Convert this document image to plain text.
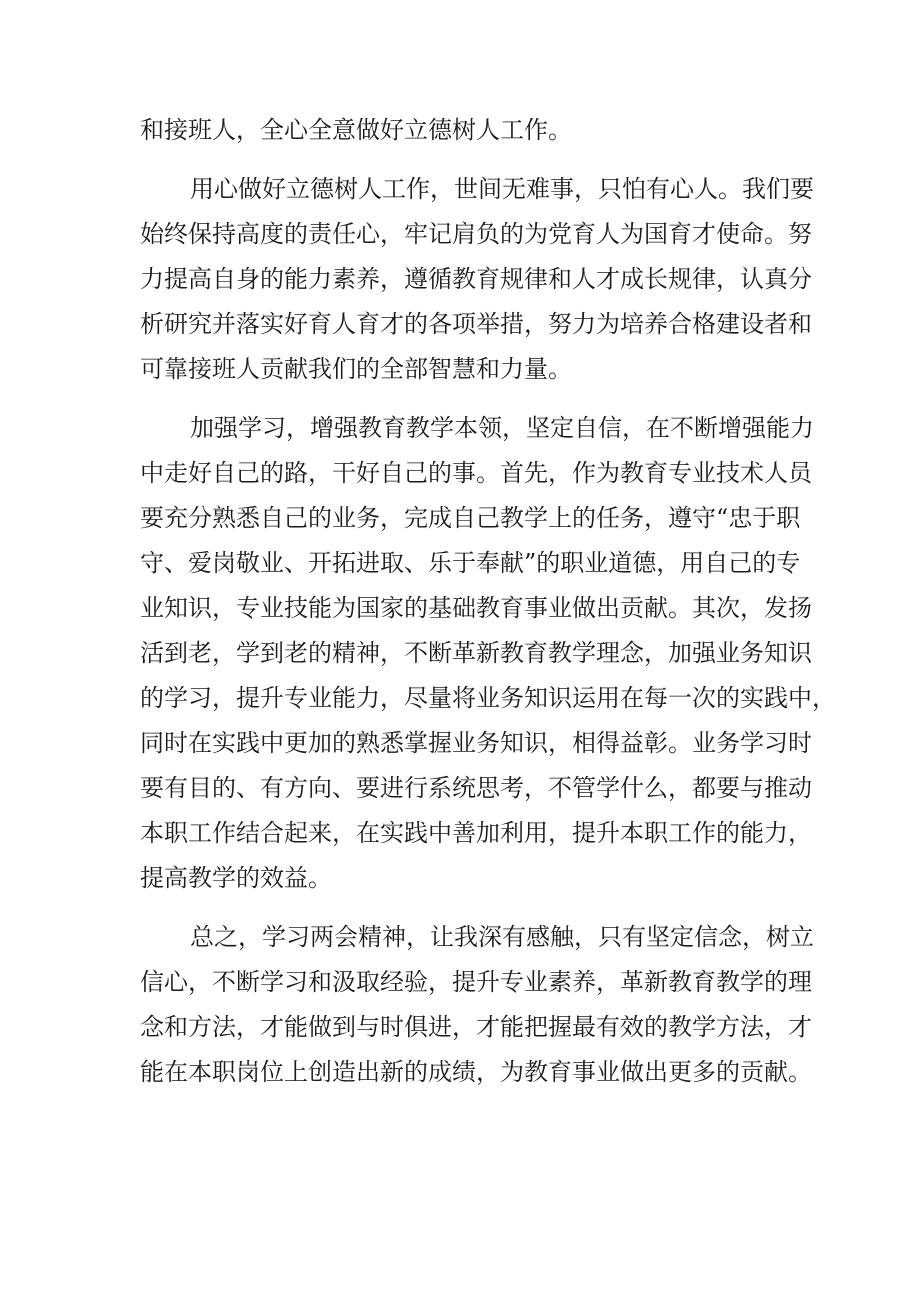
和接班人，全心全意做好立德树人工作。
用心做好立德树人工作，世间无难事，只怕有心人。我们要
始终保持高度的责任心，牢记肩负的为党育人为国育才使命。努
力提高自身的能力素养，遵循教育规律和人才成长规律，认真分
析研究并落实好育人育才的各项举措，努力为培养合格建设者和
可靠接班人贡献我们的全部智慧和力量。
加强学习，增强教育教学本领，坚定自信，在不断增强能力
中走好自己的路，干好自己的事。首先，作为教育专业技术人员
要充分熟悉自己的业务，完成自己教学上的任务，遵守“忠于职
守、爱岗敬业、开拓进取、乐于奉献”的职业道德，用自己的专
业知识，专业技能为国家的基础教育事业做出贡献。其次，发扬
活到老，学到老的精神，不断革新教育教学理念，加强业务知识
的学习，提升专业能力，尽量将业务知识运用在每一次的实践中，
同时在实践中更加的熟悉掌握业务知识，相得益彰。业务学习时
要有目的、有方向、要进行系统思考，不管学什么，都要与推动
本职工作结合起来，在实践中善加利用，提升本职工作的能力，
提高教学的效益。
总之，学习两会精神，让我深有感触，只有坚定信念，树立
信心，不断学习和汲取经验，提升专业素养，革新教育教学的理
念和方法，才能做到与时俱进，才能把握最有效的教学方法，才
能在本职岗位上创造出新的成绩，为教育事业做出更多的贡献。
